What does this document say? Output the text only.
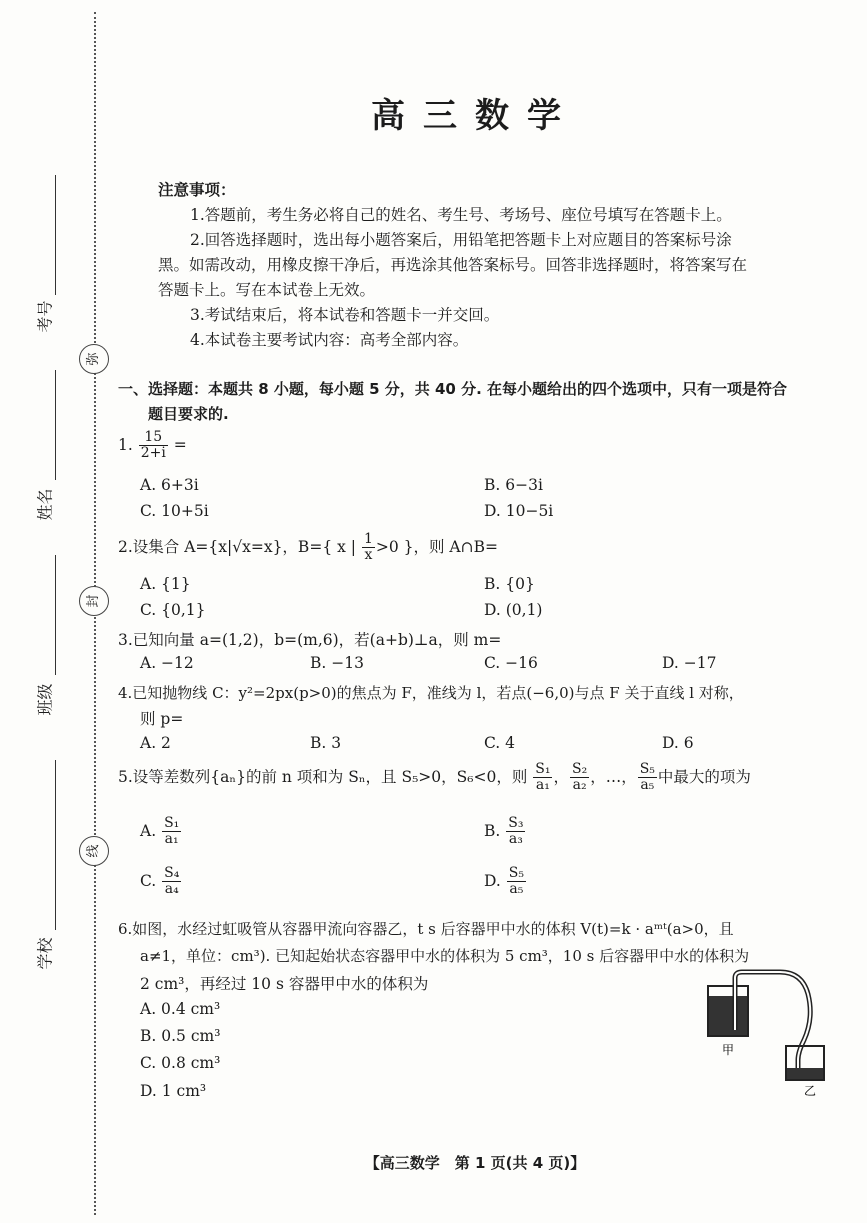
考号
姓名
班级
学校
弥
封
线
高三数学
注意事项：
1.答题前，考生务必将自己的姓名、考生号、考场号、座位号填写在答题卡上。
2.回答选择题时，选出每小题答案后，用铅笔把答题卡上对应题目的答案标号涂
黑。如需改动，用橡皮擦干净后，再选涂其他答案标号。回答非选择题时，将答案写在
答题卡上。写在本试卷上无效。
3.考试结束后，将本试卷和答题卡一并交回。
4.本试卷主要考试内容：高考全部内容。
一、选择题：本题共 8 小题，每小题 5 分，共 40 分. 在每小题给出的四个选项中，只有一项是符合
题目要求的.
1. $\frac{15}{2+i}$ =
A. 6+3i	B. 6−3i
C. 10+5i	D. 10−5i
2.设集合 A={x|√x=x}，B={ x | $\frac{1}{x} >0$ }，则 A∩B=
A. {1}	B. {0}
C. {0,1}	D. (0,1)
3.已知向量 a=(1,2)，b=(m,6)，若(a+b)⊥a，则 m=
A. −12	B. −13	C. −16	D. −17
4.已知抛物线 C：y²=2px(p>0)的焦点为 F，准线为 l，若点(−6,0)与点 F 关于直线 l 对称，
则 p=
A. 2	B. 3	C. 4	D. 6
5.设等差数列{aₙ}的前 n 项和为 Sₙ，且 S₅>0，S₆<0，则 $\frac{\text{S₁}}{\text{a₁}}$ ， $\frac{\text{S₂}}{\text{a₂}}$ ，…， $\frac{\text{S₅}}{\text{a₅}}$ 中最大的项为
A. $\frac{\text{S₁}}{\text{a₁}}$	B. $\frac{\text{S₃}}{\text{a₃}}$
C. $\frac{\text{S₄}}{\text{a₄}}$	D. $\frac{\text{S₅}}{\text{a₅}}$
6.如图，水经过虹吸管从容器甲流向容器乙，t s 后容器甲中水的体积 V(t)=k · aᵐᵗ(a>0，且
a≠1，单位：cm³). 已知起始状态容器甲中水的体积为 5 cm³，10 s 后容器甲中水的体积为
2 cm³，再经过 10 s 容器甲中水的体积为
A. 0.4 cm³
B. 0.5 cm³
C. 0.8 cm³
D. 1 cm³
甲
乙
【高三数学　第 1 页(共 4 页)】
